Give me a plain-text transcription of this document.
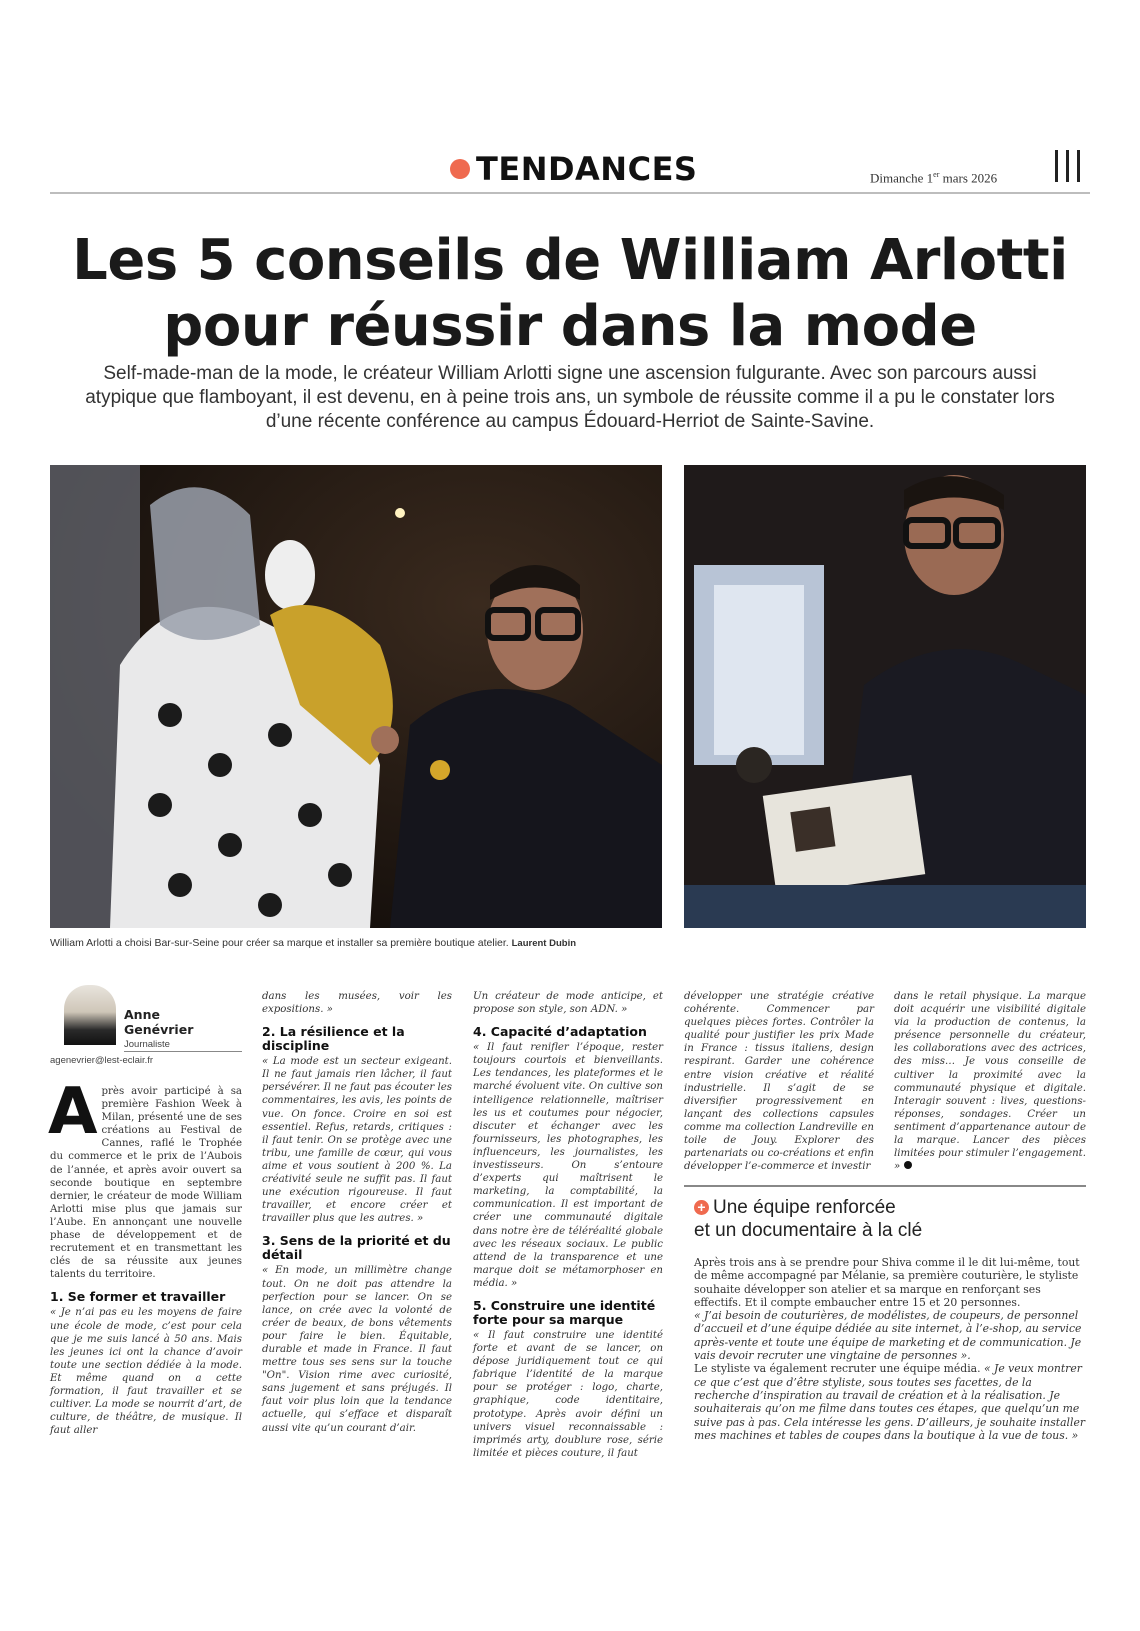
TENDANCES	Dimanche 1er mars 2026
Les 5 conseils de William Arlotti
pour réussir dans la mode

Self-made-man de la mode, le créateur William Arlotti signe une ascension fulgurante. Avec son parcours aussi atypique que flamboyant, il est devenu, en à peine trois ans, un symbole de réussite comme il a pu le constater lors d’une récente conférence au campus Édouard-Herriot de Sainte-Savine.

William Arlotti a choisi Bar-sur-Seine pour créer sa marque et installer sa première boutique atelier. Laurent Dubin
Anne
Genévrier
Journaliste
agenevrier@lest-eclair.fr

Après avoir participé à sa première Fashion Week à Milan, présenté une de ses créations au Festival de Cannes, raflé le Trophée du commerce et le prix de l’Aubois de l’année, et après avoir ouvert sa seconde boutique en septembre dernier, le créateur de mode William Arlotti mise plus que jamais sur l’Aube. En annonçant une nouvelle phase de développement et de recrutement et en transmettant les clés de sa réussite aux jeunes talents du territoire.

1. Se former et travailler

« Je n’ai pas eu les moyens de faire une école de mode, c’est pour cela que je me suis lancé à 50 ans. Mais les jeunes ici ont la chance d’avoir toute une section dédiée à la mode. Et même quand on a cette formation, il faut travailler et se cultiver. La mode se nourrit d’art, de culture, de théâtre, de musique. Il faut aller

dans les musées, voir les expositions. »

2. La résilience et la discipline

« La mode est un secteur exigeant. Il ne faut jamais rien lâcher, il faut persévérer. Il ne faut pas écouter les commentaires, les avis, les points de vue. On fonce. Croire en soi est essentiel. Refus, retards, critiques : il faut tenir. On se protège avec une tribu, une famille de cœur, qui vous aime et vous soutient à 200 %. La créativité seule ne suffit pas. Il faut une exécution rigoureuse. Il faut travailler, et encore créer et travailler plus que les autres. »

3. Sens de la priorité et du détail

« En mode, un millimètre change tout. On ne doit pas attendre la perfection pour se lancer. On se lance, on crée avec la volonté de créer de beaux, de bons vêtements pour faire le bien. Équitable, durable et made in France. Il faut mettre tous ses sens sur la touche "On". Vision rime avec curiosité, sans jugement et sans préjugés. Il faut voir plus loin que la tendance actuelle, qui s’efface et disparaît aussi vite qu’un courant d’air.

Un créateur de mode anticipe, et propose son style, son ADN. »

4. Capacité d’adaptation

« Il faut renifler l’époque, rester toujours courtois et bienveillants. Les tendances, les plateformes et le marché évoluent vite. On cultive son intelligence relationnelle, maîtriser les us et coutumes pour négocier, discuter et échanger avec les fournisseurs, les photographes, les influenceurs, les journalistes, les investisseurs. On s’entoure d’experts qui maîtrisent le marketing, la comptabilité, la communication. Il est important de créer une communauté digitale dans notre ère de téléréalité globale avec les réseaux sociaux. Le public attend de la transparence et une marque doit se métamorphoser en média. »

5. Construire une identité forte pour sa marque

« Il faut construire une identité forte et avant de se lancer, on dépose juridiquement tout ce qui fabrique l’identité de la marque pour se protéger : logo, charte, graphique, code identitaire, prototype. Après avoir défini un univers visuel reconnaissable : imprimés arty, doublure rose, série limitée et pièces couture, il faut

développer une stratégie créative cohérente. Commencer par quelques pièces fortes. Contrôler la qualité pour justifier les prix Made in France : tissus italiens, design respirant. Garder une cohérence entre vision créative et réalité industrielle. Il s’agit de se diversifier progressivement en lançant des collections capsules comme ma collection Landreville en toile de Jouy. Explorer des partenariats ou co-créations et enfin développer l’e-commerce et investir

dans le retail physique. La marque doit acquérir une visibilité digitale via la production de contenus, la présence personnelle du créateur, les collaborations avec des actrices, des miss… Je vous conseille de cultiver la proximité avec la communauté physique et digitale. Interagir souvent : lives, questions-réponses, sondages. Créer un sentiment d’appartenance autour de la marque. Lancer des pièces limitées pour stimuler l’engagement. »

+ Une équipe renforcée
et un documentaire à la clé

Après trois ans à se prendre pour Shiva comme il le dit lui-même, tout de même accompagné par Mélanie, sa première couturière, le styliste souhaite développer son atelier et sa marque en renforçant ses effectifs. Et il compte embaucher entre 15 et 20 personnes.

« J’ai besoin de couturières, de modélistes, de coupeurs, de personnel d’accueil et d’une équipe dédiée au site internet, à l’e-shop, au service après-vente et toute une équipe de marketing et de communication. Je vais devoir recruter une vingtaine de personnes ».

Le styliste va également recruter une équipe média. « Je veux montrer ce que c’est que d’être styliste, sous toutes ses facettes, de la recherche d’inspiration au travail de création et à la réalisation. Je souhaiterais qu’on me filme dans toutes ces étapes, que quelqu’un me suive pas à pas. Cela intéresse les gens. D’ailleurs, je souhaite installer mes machines et tables de coupes dans la boutique à la vue de tous. »
